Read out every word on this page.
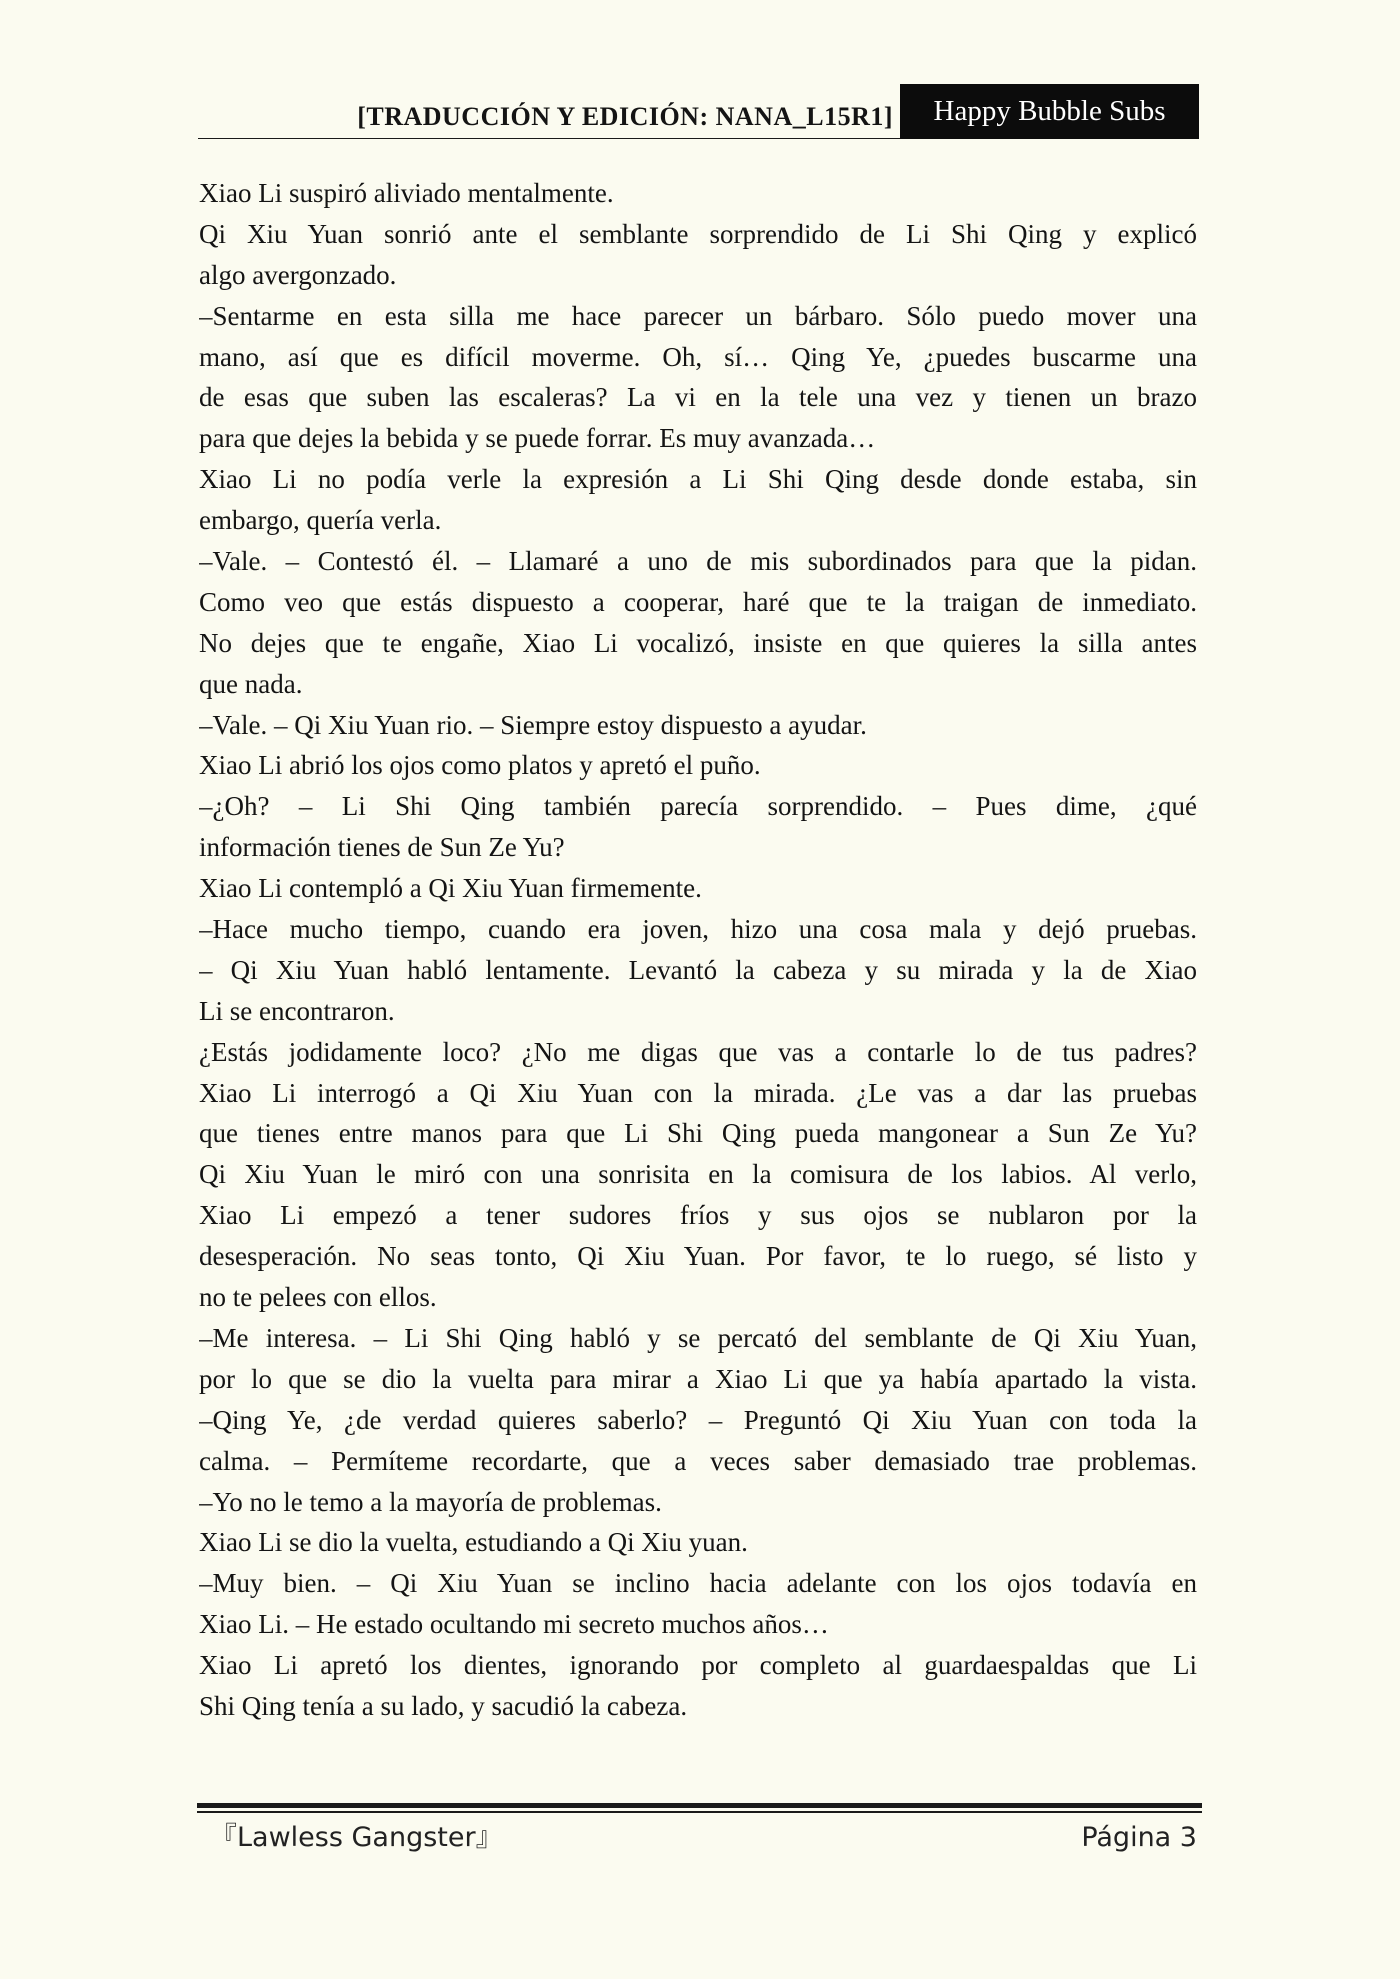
[TRADUCCIÓN Y EDICIÓN: NANA_L15R1]	Happy Bubble Subs
Xiao Li suspiró aliviado mentalmente.
Qi Xiu Yuan sonrió ante el semblante sorprendido de Li Shi Qing y explicó
algo avergonzado.
–Sentarme en esta silla me hace parecer un bárbaro. Sólo puedo mover una
mano, así que es difícil moverme. Oh, sí… Qing Ye, ¿puedes buscarme una
de esas que suben las escaleras? La vi en la tele una vez y tienen un brazo
para que dejes la bebida y se puede forrar. Es muy avanzada…
Xiao Li no podía verle la expresión a Li Shi Qing desde donde estaba, sin
embargo, quería verla.
–Vale. – Contestó él. – Llamaré a uno de mis subordinados para que la pidan.
Como veo que estás dispuesto a cooperar, haré que te la traigan de inmediato.
No dejes que te engañe, Xiao Li vocalizó, insiste en que quieres la silla antes
que nada.
–Vale. – Qi Xiu Yuan rio. – Siempre estoy dispuesto a ayudar.
Xiao Li abrió los ojos como platos y apretó el puño.
–¿Oh? – Li Shi Qing también parecía sorprendido. – Pues dime, ¿qué
información tienes de Sun Ze Yu?
Xiao Li contempló a Qi Xiu Yuan firmemente.
–Hace mucho tiempo, cuando era joven, hizo una cosa mala y dejó pruebas.
– Qi Xiu Yuan habló lentamente. Levantó la cabeza y su mirada y la de Xiao
Li se encontraron.
¿Estás jodidamente loco? ¿No me digas que vas a contarle lo de tus padres?
Xiao Li interrogó a Qi Xiu Yuan con la mirada. ¿Le vas a dar las pruebas
que tienes entre manos para que Li Shi Qing pueda mangonear a Sun Ze Yu?
Qi Xiu Yuan le miró con una sonrisita en la comisura de los labios. Al verlo,
Xiao Li empezó a tener sudores fríos y sus ojos se nublaron por la
desesperación. No seas tonto, Qi Xiu Yuan. Por favor, te lo ruego, sé listo y
no te pelees con ellos.
–Me interesa. – Li Shi Qing habló y se percató del semblante de Qi Xiu Yuan,
por lo que se dio la vuelta para mirar a Xiao Li que ya había apartado la vista.
–Qing Ye, ¿de verdad quieres saberlo? – Preguntó Qi Xiu Yuan con toda la
calma. – Permíteme recordarte, que a veces saber demasiado trae problemas.
–Yo no le temo a la mayoría de problemas.
Xiao Li se dio la vuelta, estudiando a Qi Xiu yuan.
–Muy bien. – Qi Xiu Yuan se inclino hacia adelante con los ojos todavía en
Xiao Li. – He estado ocultando mi secreto muchos años…
Xiao Li apretó los dientes, ignorando por completo al guardaespaldas que Li
Shi Qing tenía a su lado, y sacudió la cabeza.
『Lawless Gangster』	Página 3
